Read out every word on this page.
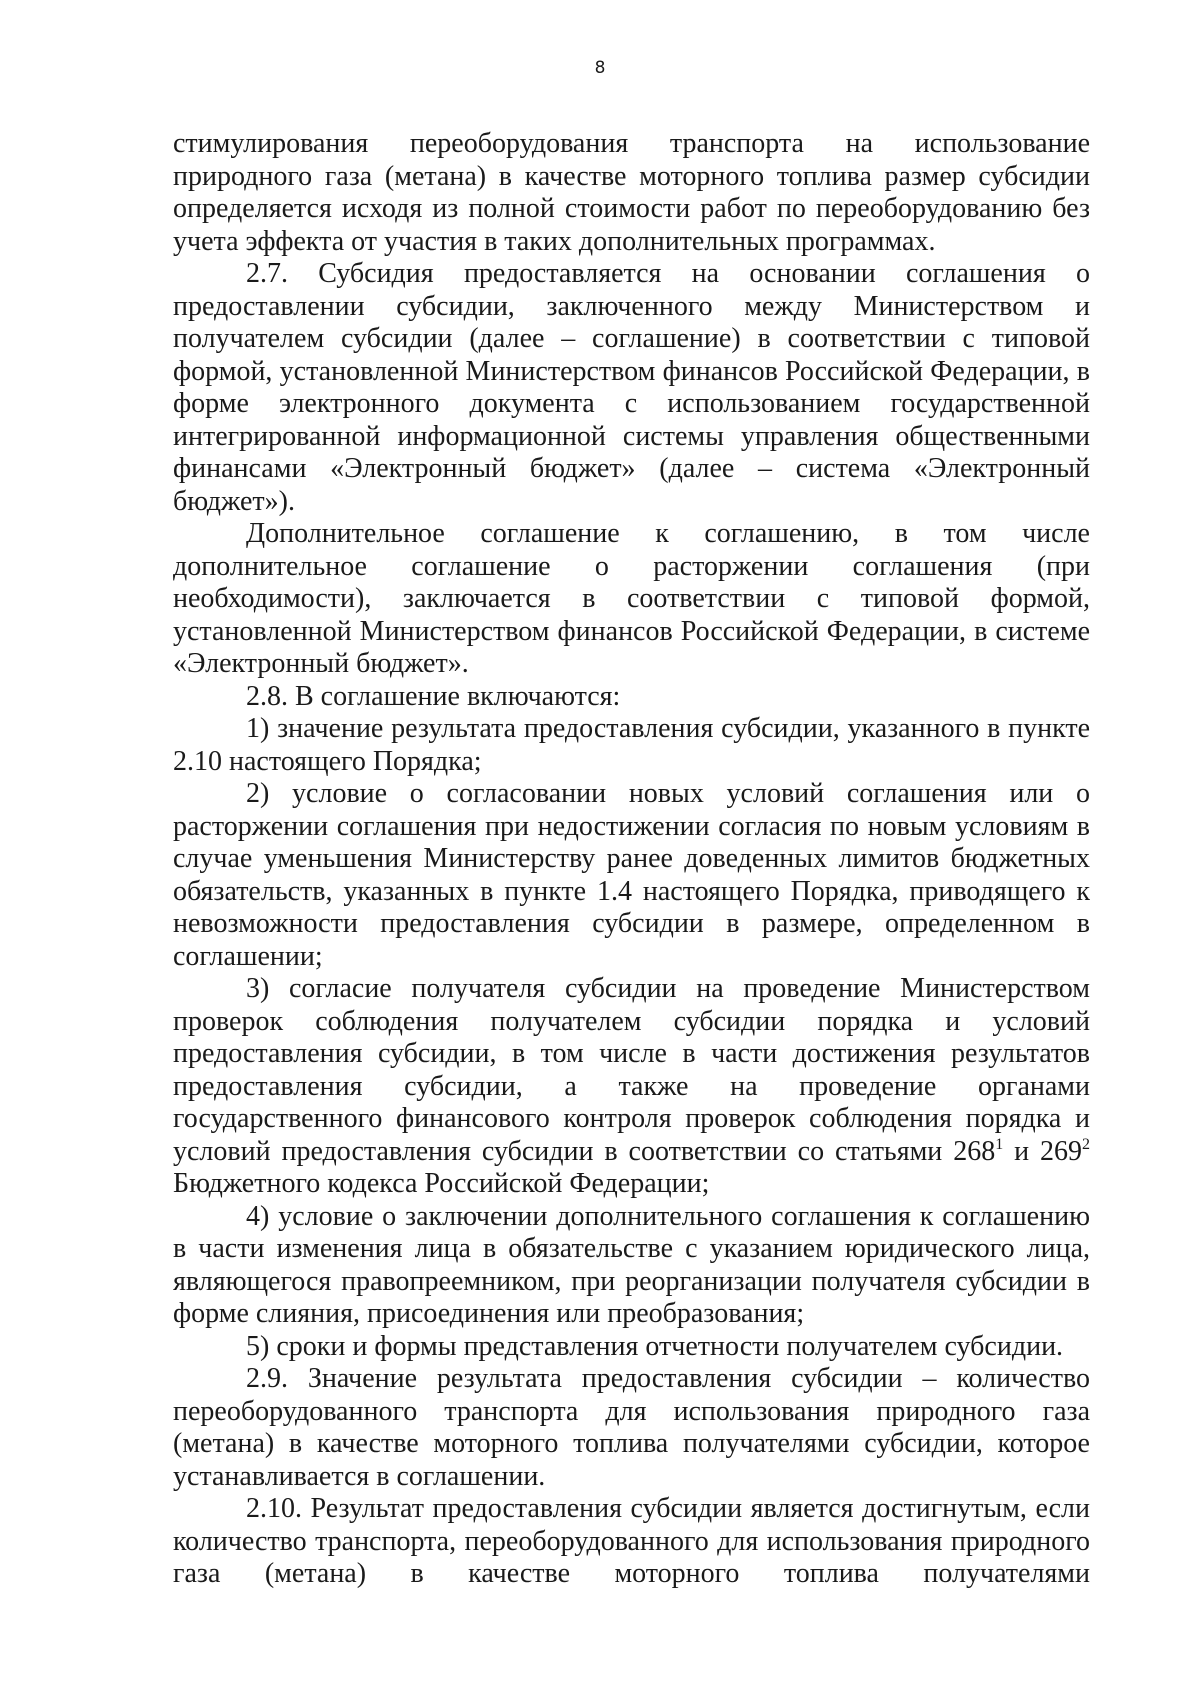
8

стимулирования переоборудования транспорта на использование природного газа (метана) в качестве моторного топлива размер субсидии определяется исходя из полной стоимости работ по переоборудованию без учета эффекта от участия в таких дополнительных программах.

2.7. Субсидия предоставляется на основании соглашения о предоставлении субсидии, заключенного между Министерством и получателем субсидии (далее – соглашение) в соответствии с типовой формой, установленной Министерством финансов Российской Федерации, в форме электронного документа с использованием государственной интегрированной информационной системы управления общественными финансами «Электронный бюджет» (далее – система «Электронный бюджет»).

Дополнительное соглашение к соглашению, в том числе дополнительное соглашение о расторжении соглашения (при необходимости), заключается в соответствии с типовой формой, установленной Министерством финансов Российской Федерации, в системе «Электронный бюджет».

2.8. В соглашение включаются:

1) значение результата предоставления субсидии, указанного в пункте 2.10 настоящего Порядка;

2) условие о согласовании новых условий соглашения или о расторжении соглашения при недостижении согласия по новым условиям в случае уменьшения Министерству ранее доведенных лимитов бюджетных обязательств, указанных в пункте 1.4 настоящего Порядка, приводящего к невозможности предоставления субсидии в размере, определенном в соглашении;

3) согласие получателя субсидии на проведение Министерством проверок соблюдения получателем субсидии порядка и условий предоставления субсидии, в том числе в части достижения результатов предоставления субсидии, а также на проведение органами государственного финансового контроля проверок соблюдения порядка и условий предоставления субсидии в соответствии со статьями $268^1$ и $269^2$ Бюджетного кодекса Российской Федерации;

4) условие о заключении дополнительного соглашения к соглашению в части изменения лица в обязательстве с указанием юридического лица, являющегося правопреемником, при реорганизации получателя субсидии в форме слияния, присоединения или преобразования;

5) сроки и формы представления отчетности получателем субсидии.

2.9. Значение результата предоставления субсидии – количество переоборудованного транспорта для использования природного газа (метана) в качестве моторного топлива получателями субсидии, которое устанавливается в соглашении.

2.10. Результат предоставления субсидии является достигнутым, если количество транспорта, переоборудованного для использования природного газа (метана) в качестве моторного топлива получателями
